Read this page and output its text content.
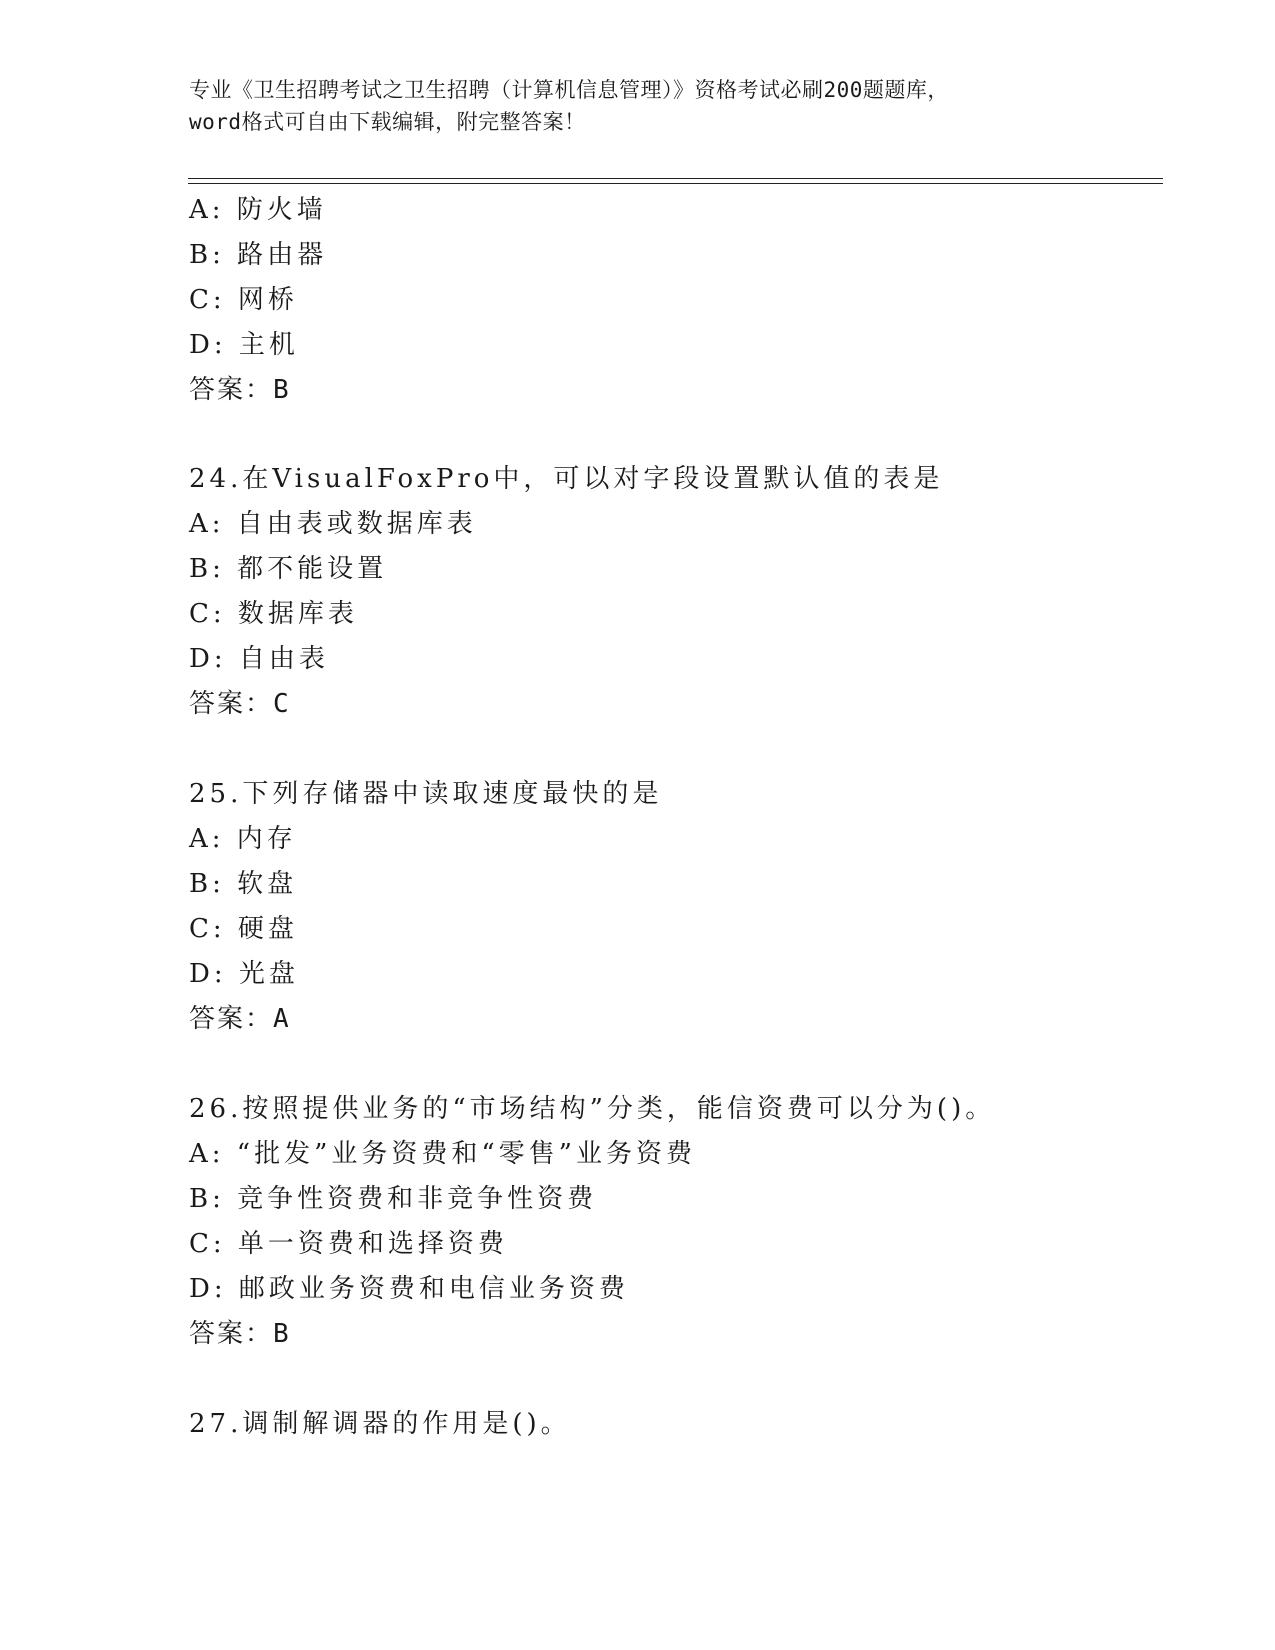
专业《卫生招聘考试之卫生招聘（计算机信息管理）》资格考试必刷200题题库，
word格式可自由下载编辑，附完整答案！
A: 防火墙
B: 路由器
C: 网桥
D: 主机
答案：B
24.在VisualFoxPro中，可以对字段设置默认值的表是
A: 自由表或数据库表
B: 都不能设置
C: 数据库表
D: 自由表
答案：C
25.下列存储器中读取速度最快的是
A: 内存
B: 软盘
C: 硬盘
D: 光盘
答案：A
26.按照提供业务的“市场结构”分类，能信资费可以分为()。
A: “批发”业务资费和“零售”业务资费
B: 竞争性资费和非竞争性资费
C: 单一资费和选择资费
D: 邮政业务资费和电信业务资费
答案：B
27.调制解调器的作用是()。
